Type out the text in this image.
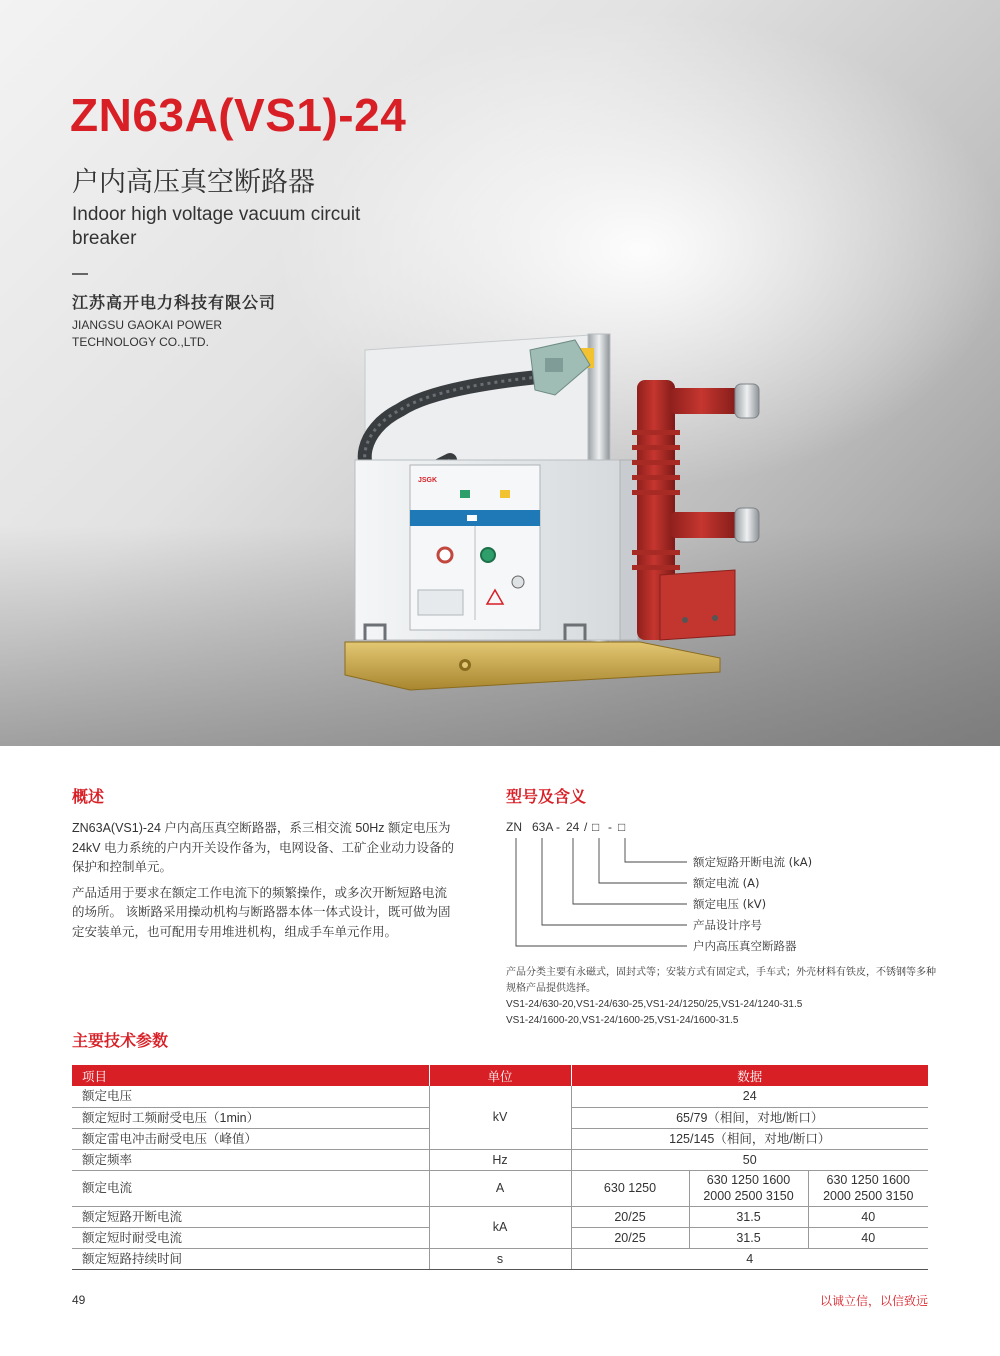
ZN63A(VS1)-24
户内高压真空断路器
Indoor high voltage vacuum circuit breaker
江苏高开电力科技有限公司
JIANGSU GAOKAI POWER TECHNOLOGY CO.,LTD.
JSGK
概述

ZN63A(VS1)-24 户内高压真空断路器，系三相交流 50Hz 额定电压为 24kV 电力系统的户内开关设作备为，电网设备、工矿企业动力设备的保护和控制单元。

产品适用于要求在额定工作电流下的频繁操作，或多次开断短路电流的场所。 该断路采用操动机构与断路器本体一体式设计，既可做为固定安装单元，也可配用专用堆进机构，组成手车单元作用。

型号及含义
ZN 63A - 24 / □ - □
额定短路开断电流 (kA)
额定电流 (A)
额定电压 (kV)
产品设计序号
户内高压真空断路器
产品分类主要有永磁式，固封式等；安装方式有固定式，手车式；外壳材料有铁皮，不锈钢等多种规格产品提供选择。
VS1-24/630-20,VS1-24/630-25,VS1-24/1250/25,VS1-24/1240-31.5
VS1-24/1600-20,VS1-24/1600-25,VS1-24/1600-31.5
主要技术参数
项目	单位	数据		
额定电压	kV	24		
额定短时工频耐受电压（1min）		65/79（相间，对地/断口）		
额定雷电冲击耐受电压（峰值）		125/145（相间，对地/断口）		
额定频率	Hz	50		
额定电流	A	630 1250	630 1250 1600 2000 2500 3150	630 1250 1600 2000 2500 3150
额定短路开断电流	kA	20/25	31.5	40
额定短时耐受电流		20/25	31.5	40
额定短路持续时间	s	4		
49	以诚立信，以信致远
